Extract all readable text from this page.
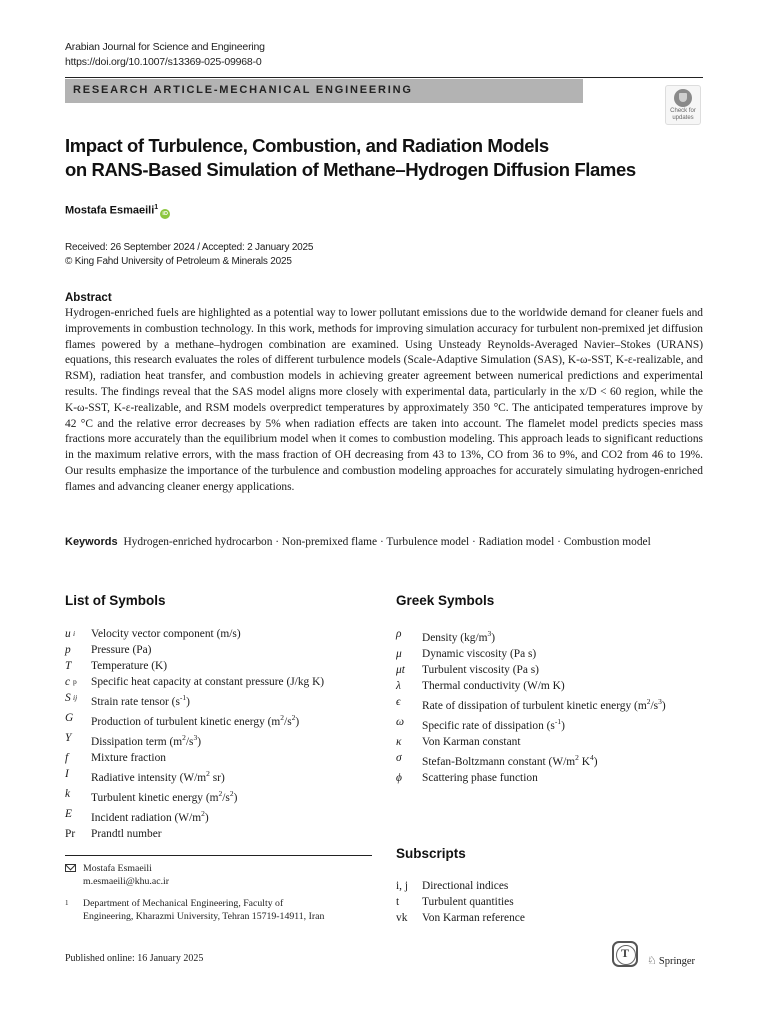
Arabian Journal for Science and Engineering
https://doi.org/10.1007/s13369-025-09968-0
RESEARCH ARTICLE-MECHANICAL ENGINEERING
Check for
updates
Impact of Turbulence, Combustion, and Radiation Models
on RANS-Based Simulation of Methane–Hydrogen Diffusion Flames
Mostafa Esmaeili$^1$iD
Received: 26 September 2024 / Accepted: 2 January 2025
© King Fahd University of Petroleum & Minerals 2025
Abstract
Hydrogen-enriched fuels are highlighted as a potential way to lower pollutant emissions due to the worldwide demand for cleaner fuels and improvements in combustion technology. In this work, methods for improving simulation accuracy for turbulent non-premixed jet diffusion flames powered by a methane–hydrogen combination are examined. Using Unsteady Reynolds-Averaged Navier–Stokes (URANS) equations, this research evaluates the roles of different turbulence models (Scale-Adaptive Simulation (SAS), K-ω-SST, K-ε-realizable, and RSM), radiation heat transfer, and combustion models in achieving greater agreement between numerical predictions and experimental results. The findings reveal that the SAS model aligns more closely with experimental data, particularly in the x/D < 60 region, while the K-ω-SST, K-ε-realizable, and RSM models overpredict temperatures by approximately 350 °C. The anticipated temperatures improve by 42 °C and the relative error decreases by 5% when radiation effects are taken into account. The flamelet model predicts species mass fractions more accurately than the equilibrium model when it comes to combustion modeling. This approach leads to significant reductions in the maximum relative errors, with the mass fraction of OH decreasing from 43 to 13%, CO from 36 to 9%, and CO2 from 46 to 19%. Our results emphasize the importance of the turbulence and combustion modeling approaches for accurately simulating hydrogen-enriched flames and advancing cleaner energy applications.
Keywords Hydrogen-enriched hydrocarbon · Non-premixed flame · Turbulence model · Radiation model · Combustion model
List of Symbols
u i	Velocity vector component (m/s)
p	Pressure (Pa)
T	Temperature (K)
c p	Specific heat capacity at constant pressure (J/kg K)
S ij	Strain rate tensor $(s^{-1})$
G	Production of turbulent kinetic energy $(m^2/s^2)$
Y	Dissipation term $(m^2/s^3)$
f	Mixture fraction
I	Radiative intensity ($W/m^2$ sr)
k	Turbulent kinetic energy $(m^2/s^2)$
E	Incident radiation $(W/m^2)$
Pr	Prandtl number
Greek Symbols
ρ	Density $(kg/m^3)$
μ	Dynamic viscosity (Pa s)
μt	Turbulent viscosity (Pa s)
λ	Thermal conductivity (W/m K)
ϵ	Rate of dissipation of turbulent kinetic energy $(m^2/s^3)$
ω	Specific rate of dissipation $(s^{-1})$
κ	Von Karman constant
σ	Stefan-Boltzmann constant ($W/m^2$ $K^4$)
ϕ	Scattering phase function
Subscripts
i, j	Directional indices
t	Turbulent quantities
vk	Von Karman reference
Mostafa Esmaeili
m.esmaeili@khu.ac.ir
1	Department of Mechanical Engineering, Faculty of
Engineering, Kharazmi University, Tehran 15719-14911, Iran
Published online: 16 January 2025	T
♘ Springer
